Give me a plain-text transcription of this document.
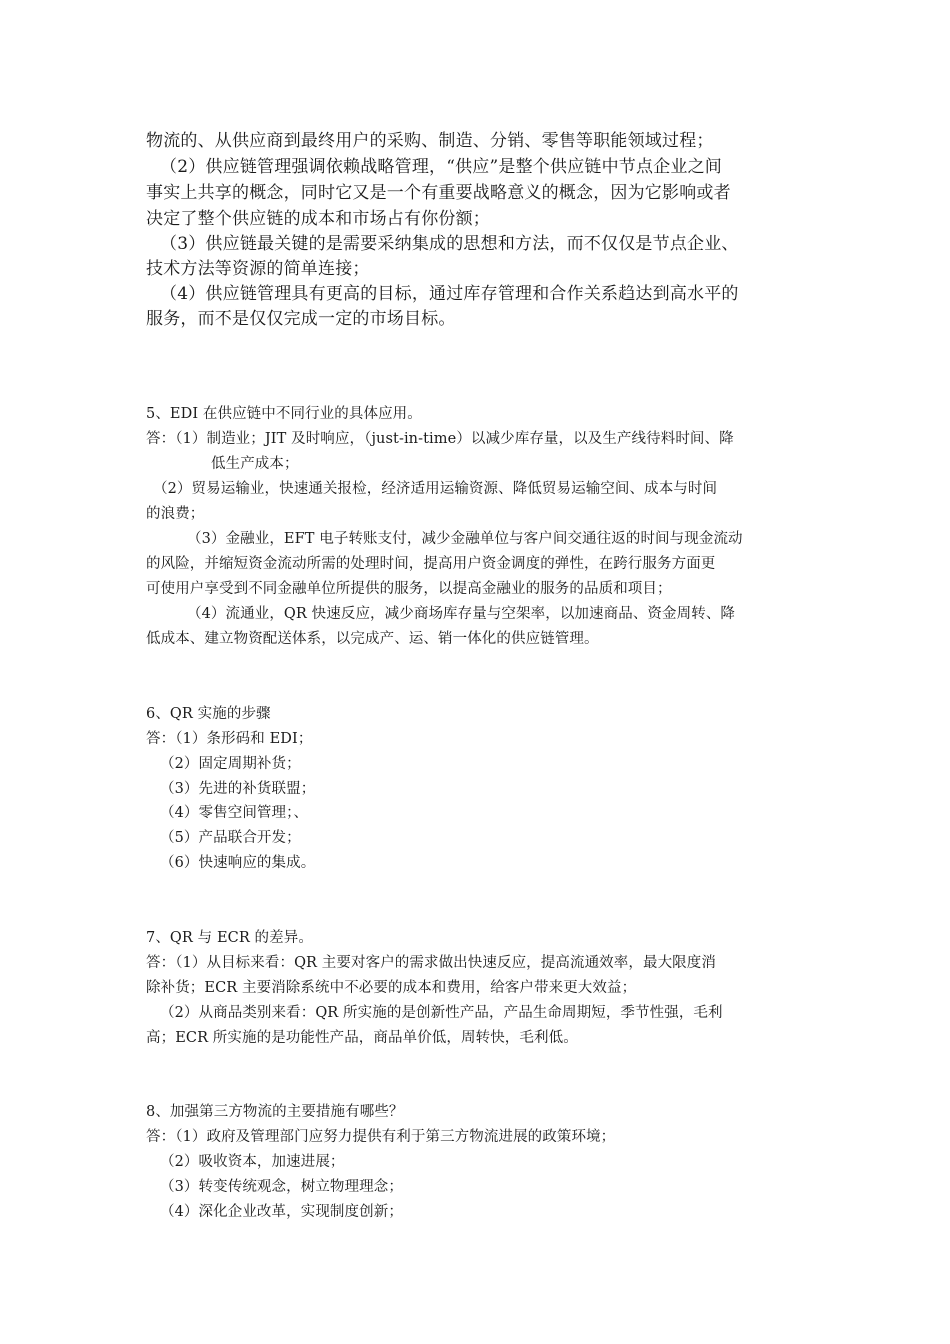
物流的、从供应商到最终用户的采购、制造、分销、零售等职能领域过程；
（2）供应链管理强调依赖战略管理，“供应”是整个供应链中节点企业之间
事实上共享的概念，同时它又是一个有重要战略意义的概念，因为它影响或者
决定了整个供应链的成本和市场占有你份额；
（3）供应链最关键的是需要采纳集成的思想和方法，而不仅仅是节点企业、
技术方法等资源的简单连接；
（4）供应链管理具有更高的目标，通过库存管理和合作关系趋达到高水平的
服务，而不是仅仅完成一定的市场目标。
5、EDI 在供应链中不同行业的具体应用。
答：（1）制造业；JIT 及时响应，（just-in-time）以减少库存量，以及生产线待料时间、降
低生产成本；
（2）贸易运输业，快速通关报检，经济适用运输资源、降低贸易运输空间、成本与时间
的浪费；
（3）金融业，EFT 电子转账支付，减少金融单位与客户间交通往返的时间与现金流动
的风险，并缩短资金流动所需的处理时间，提高用户资金调度的弹性，在跨行服务方面更
可使用户享受到不同金融单位所提供的服务，以提高金融业的服务的品质和项目；
（4）流通业，QR 快速反应，减少商场库存量与空架率，以加速商品、资金周转、降
低成本、建立物资配送体系，以完成产、运、销一体化的供应链管理。
6、QR 实施的步骤
答：（1）条形码和 EDI；
（2）固定周期补货；
（3）先进的补货联盟；
（4）零售空间管理；、
（5）产品联合开发；
（6）快速响应的集成。
7、QR 与 ECR 的差异。
答：（1）从目标来看：QR 主要对客户的需求做出快速反应，提高流通效率，最大限度消
除补货；ECR 主要消除系统中不必要的成本和费用，给客户带来更大效益；
（2）从商品类别来看：QR 所实施的是创新性产品，产品生命周期短，季节性强，毛利
高；ECR 所实施的是功能性产品，商品单价低，周转快，毛利低。
8、加强第三方物流的主要措施有哪些？
答：（1）政府及管理部门应努力提供有利于第三方物流进展的政策环境；
（2）吸收资本，加速进展；
（3）转变传统观念，树立物理理念；
（4）深化企业改革，实现制度创新；
